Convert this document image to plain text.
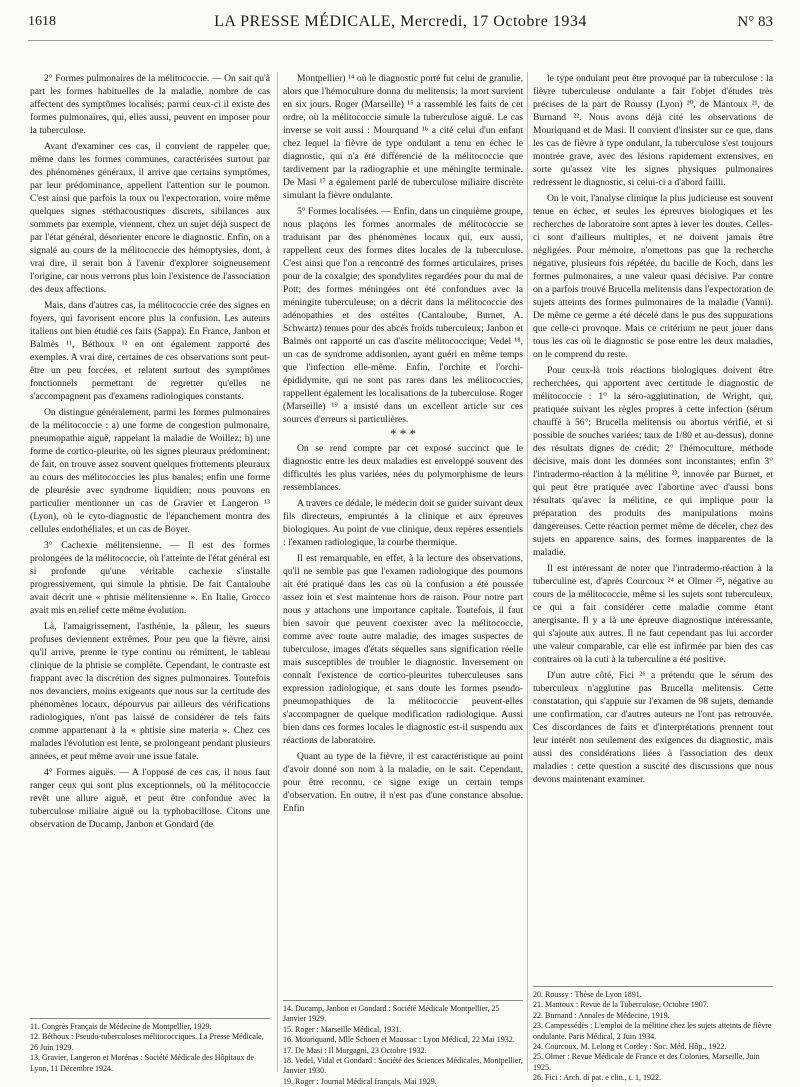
1618	LA PRESSE MÉDICALE, Mercredi, 17 Octobre 1934	N° 83

2° Formes pulmonaires de la mélitococcie. — On sait qu'à part les formes habituelles de la maladie, nombre de cas affectent des symptômes localisés; parmi ceux-ci il existe des formes pulmonaires, qui, elles aussi, peuvent en imposer pour la tuberculose.

Avant d'examiner ces cas, il convient de rappeler que, même dans les formes communes, caractérisées surtout par des phénomènes généraux, il arrive que certains symptômes, par leur prédominance, appellent l'attention sur le poumon. C'est ainsi que parfois la toux ou l'expectoration, voire même quelques signes stéthacoustiques discrets, sibilances aux sommets par exemple, viennent, chez un sujet déjà suspect de par l'état général, désorienter encore le diagnostic. Enfin, on a signalé au cours de la mélitococcie des hémoptysies, dont, à vrai dire, il serait bon à l'avenir d'explorer soigneusement l'origine, car nous verrons plus loin l'existence de l'association des deux affections.

Mais, dans d'autres cas, la mélitococcie crée des signes en foyers, qui favorisent encore plus la confusion. Les auteurs italiens ont bien étudié ces faits (Sappa). En France, Janbon et Balmès ¹¹, Béthoux ¹² en ont également rapporté des exemples. A vrai dire, certaines de ces observations sont peut-être un peu forcées, et relatent surtout des symptômes fonctionnels permettant de regretter qu'elles ne s'accompagnent pas d'examens radiologiques constants.

On distingue généralement, parmi les formes pulmonaires de la mélitococcie : a) une forme de congestion pulmonaire, pneumopathie aiguë, rappelant la maladie de Woillez; b) une forme de cortico-pleurite, où les signes pleuraux prédominent; de fait, on trouve assez souvent quelques frottements pleuraux au cours des mélitococcies les plus banales; enfin une forme de pleurésie avec syndrome liquidien; nous pouvons en particulier mentionner un cas de Gravier et Langeron ¹³ (Lyon), où le cyto-diagnostic de l'épanchement montra des cellules endothéliales, et un cas de Boyer.

3° Cachexie mélitensienne. — Il est des formes prolongées de la mélitococcie, où l'atteinte de l'état général est si profonde qu'une véritable cachexie s'installe progressivement, qui simule la phtisie. De fait Cantaloube avait décrit une « phtisie mélitensienne ». En Italie, Grocco avait mis en relief cette même évolution.

Là, l'amaigrissement, l'asthénie, la pâleur, les sueurs profuses deviennent extrêmes. Pour peu que la fièvre, ainsi qu'il arrive, prenne le type continu ou rémittent, le tableau clinique de la phtisie se complète. Cependant, le contraste est frappant avec la discrétion des signes pulmonaires. Toutefois nos devanciers, moins exigeants que nous sur la certitude des phénomènes locaux, dépourvus par ailleurs des vérifications radiologiques, n'ont pas laissé de considérer de tels faits comme appartenant à la « phtisie sine materia ». Chez ces malades l'évolution est lente, se prolongeant pendant plusieurs années, et peut même avoir une issue fatale.

4° Formes aiguës. — A l'opposé de ces cas, il nous faut ranger ceux qui sont plus exceptionnels, où la mélitococcie revêt une allure aiguë, et peut être confondue avec la tuberculose miliaire aiguë ou la typhobacillose. Citons une observation de Ducamp, Janbon et Gondard (de

Montpellier) ¹⁴ où le diagnostic porté fut celui de granulie, alors que l'hémoculture donna du melitensis; la mort survient en six jours. Roger (Marseille) ¹⁵ a rassemblé les faits de cet ordre, où la mélitococcie simule la tuberculose aiguë. Le cas inverse se voit aussi : Mourquand ¹⁶ a cité celui d'un enfant chez lequel la fièvre de type ondulant a tenu en échec le diagnostic, qui n'a été différencié de la mélitococcie que tardivement par la radiographie et une méningite terminale. De Masi ¹⁷ a également parlé de tuberculose miliaire discrète simulant la fièvre ondulante.

5° Formes localisées. — Enfin, dans un cinquième groupe, nous plaçons les formes anormales de mélitococcie se traduisant par des phénomènes locaux qui, eux aussi, rappellent ceux des formes dites locales de la tuberculose. C'est ainsi que l'on a rencontré des formes articulaires, prises pour de la coxalgie; des spondylites regardées pour du mal de Pott; des formes méningées ont été confondues avec la méningite tuberculeuse; on a décrit dans la mélitococcie des adénopathies et des ostéites (Cantaloube, Burnet, A. Schwartz) tenues pour des abcès froids tuberculeux; Janbon et Balmès ont rapporté un cas d'ascite mélitococcique; Vedel ¹⁸, un cas de syndrome addisonien, ayant guéri en même temps que l'infection elle-même. Enfin, l'orchite et l'orchi-épididymite, qui ne sont pas rares dans les mélitococcies, rappellent également les localisations de la tuberculose. Roger (Marseille) ¹⁹ a insisté dans un excellent article sur ces sources d'erreurs si particulières.

* * *

On se rend compte par cet exposé succinct que le diagnostic entre les deux maladies est enveloppé souvent des difficultés les plus variées, nées du polymorphisme de leurs ressemblances.

A travers ce dédale, le médecin doit se guider suivant deux fils directeurs, empruntés à la clinique et aux épreuves biologiques. Au point de vue clinique, deux repères essentiels : l'examen radiologique, la courbe thermique.

Il est remarquable, en effet, à la lecture des observations, qu'il ne semble pas que l'examen radiologique des poumons ait été pratiqué dans les cas où la confusion a été poussée assez loin et s'est maintenue hors de raison. Pour notre part nous y attachons une importance capitale. Toutefois, il faut bien savoir que peuvent coexister avec la mélitococcie, comme avec toute autre maladie, des images suspectes de tuberculose, images d'états séquelles sans signification réelle mais susceptibles de troubler le diagnostic. Inversement on connaît l'existence de cortico-pleurites tuberculeuses sans expression radiologique, et sans doute les formes pseudo-pneumopathiques de la mélitococcie peuvent-elles s'accompagner de quelque modification radiologique. Aussi bien dans ces formes locales le diagnostic est-il suspendu aux réactions de laboratoire.

Quant au type de la fièvre, il est caractéristique au point d'avoir donné son nom à la maladie, on le sait. Cependant, pour être reconnu, ce signe exige un certain temps d'observation. En outre, il n'est pas d'une constance absolue. Enfin

le type ondulant peut être provoqué par la tuberculose : la fièvre tuberculeuse ondulante a fait l'objet d'études très précises de la part de Roussy (Lyon) ²⁰, de Mantoux ²¹, de Burnand ²². Nous avons déjà cité les observations de Mouriquand et de Masi. Il convient d'insister sur ce que, dans les cas de fièvre à type ondulant, la tuberculose s'est toujours montrée grave, avec des lésions rapidement extensives, en sorte qu'assez vite les signes physiques pulmonaires redressent le diagnostic, si celui-ci a d'abord failli.

On le voit, l'analyse clinique la plus judicieuse est souvent tenue en échec, et seules les épreuves biologiques et les recherches de laboratoire sont aptes à lever les doutes. Celles-ci sont d'ailleurs multiples, et ne doivent jamais être négligées. Pour mémoire, n'omettons pas que la recherche négative, plusieurs fois répétée, du bacille de Koch, dans les formes pulmonaires, a une valeur quasi décisive. Par contre on a parfois trouvé Brucella melitensis dans l'expectoration de sujets atteints des formes pulmonaires de la maladie (Vanni). De même ce germe a été décelé dans le pus des suppurations que celle-ci provoque. Mais ce critérium ne peut jouer dans tous les cas où le diagnostic se pose entre les deux maladies, on le comprend du reste.

Pour ceux-là trois réactions biologiques doivent être recherchées, qui apportent avec certitude le diagnostic de mélitococcie : 1° la séro-agglutination, de Wright, qui, pratiquée suivant les règles propres à cette infection (sérum chauffé à 56°; Brucella melitensis ou abortus vérifié, et si possible de souches variées; taux de 1/80 et au-dessus), donne des résultats dignes de crédit; 2° l'hémoculture, méthode décisive, mais dont les données sont inconstantes; enfin 3° l'intradermo-réaction à la mélitine ²³, innovée par Burnet, et qui peut être pratiquée avec l'abortine avec d'aussi bons résultats qu'avec la mélitine, ce qui implique pour la préparation des produits des manipulations moins dangereuses. Cette réaction permet même de déceler, chez des sujets en apparence sains, des formes inapparentes de la maladie.

Il est intéressant de noter que l'intradermo-réaction à la tuberculine est, d'après Courcoux ²⁴ et Olmer ²⁵, négative au cours de la mélitococcie, même si les sujets sont tuberculeux, ce qui a fait considérer cette maladie comme étant anergisante. Il y a là une épreuve diagnostique intéressante, qui s'ajoute aux autres. Il ne faut cependant pas lui accorder une valeur comparable, car elle est infirmée par bien des cas contraires où la cuti à la tuberculine a été positive.

D'un autre côté, Fici ²⁶ a prétendu que le sérum des tuberculeux n'agglutine pas Brucella melitensis. Cette constatation, qui s'appuie sur l'examen de 98 sujets, demande une confirmation, car d'autres auteurs ne l'ont pas retrouvée. Ces discordances de faits et d'interprétations prennent tout leur intérêt non seulement des exigences du diagnostic, mais aussi des considérations liées à l'association des deux maladies : cette question a suscité des discussions que nous devons maintenant examiner.

11. Congrès Français de Médecine de Montpellier, 1929.
12. Béthoux : Pseudo-tuberculoses mélitococciques. La Presse Médicale, 26 Juin 1929.
13. Gravier, Langeron et Morénas : Société Médicale des Hôpitaux de Lyon, 11 Décembre 1924.
14. Ducamp, Janbon et Gondard : Société Médicale Montpellier, 25 Janvier 1929.
15. Roger : Marseille Médical, 1931.
16. Mouriquand, Mlle Schoen et Maussac : Lyon Médical, 22 Mai 1932.
17. De Masi : Il Morgagni, 23 Octobre 1932.
18. Vedel, Vidal et Gondard : Société des Sciences Médicales, Montpellier, Janvier 1930.
19. Roger : Journal Médical français, Mai 1929.
20. Roussy : Thèse de Lyon 1891.
21. Mantoux : Revue de la Tuberculose, Octobre 1907.
22. Burnand : Annales de Médecine, 1919.
23. Campessédès : L'emploi de la mélitine chez les sujets atteints de fièvre ondulante. Paris Médical, 2 Juin 1934.
24. Courcoux, M. Lelong et Cordey : Soc. Méd. Hôp., 1922.
25. Olmer : Revue Médicale de France et des Colonies, Marseille, Juin 1925.
26. Fici : Arch. di pat. e clin., t. 1, 1922.
